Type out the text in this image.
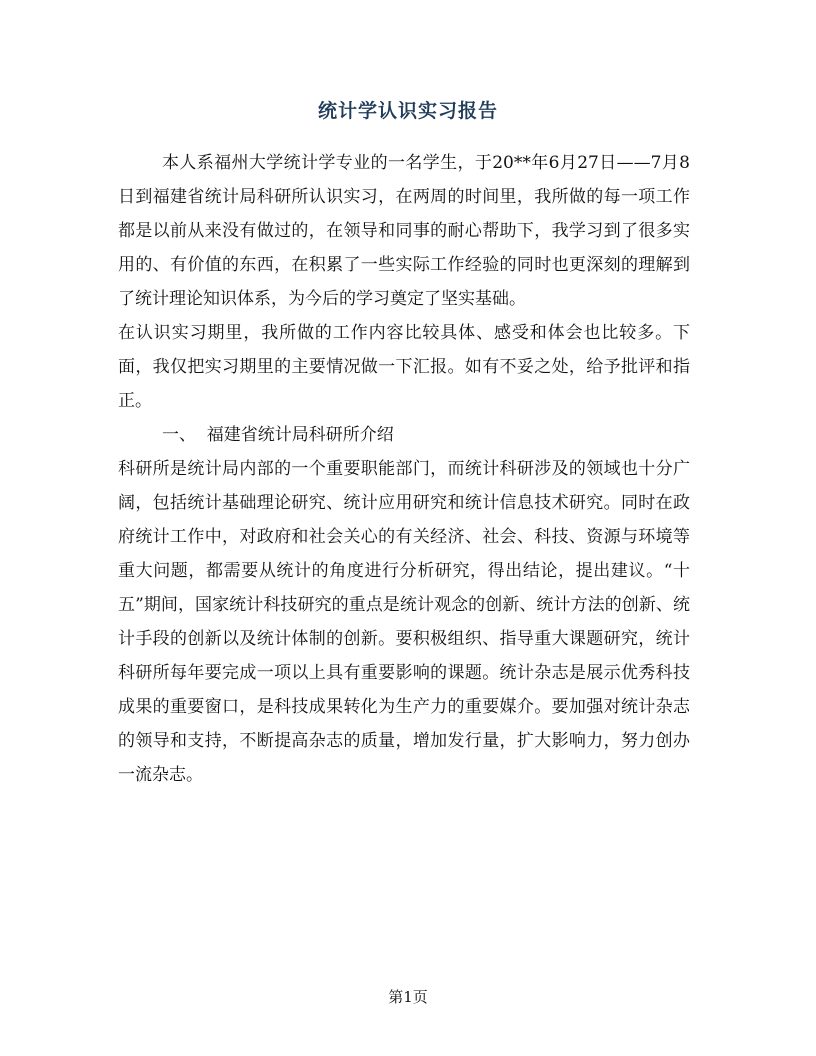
统计学认识实习报告

本人系福州大学统计学专业的一名学生，于20**年6月27日——7月8日到福建省统计局科研所认识实习，在两周的时间里，我所做的每一项工作都是以前从来没有做过的，在领导和同事的耐心帮助下，我学习到了很多实用的、有价值的东西，在积累了一些实际工作经验的同时也更深刻的理解到了统计理论知识体系，为今后的学习奠定了坚实基础。

在认识实习期里，我所做的工作内容比较具体、感受和体会也比较多。下面，我仅把实习期里的主要情况做一下汇报。如有不妥之处，给予批评和指正。

一、  福建省统计局科研所介绍

科研所是统计局内部的一个重要职能部门，而统计科研涉及的领域也十分广阔，包括统计基础理论研究、统计应用研究和统计信息技术研究。同时在政府统计工作中，对政府和社会关心的有关经济、社会、科技、资源与环境等重大问题，都需要从统计的角度进行分析研究，得出结论，提出建议。“十五”期间，国家统计科技研究的重点是统计观念的创新、统计方法的创新、统计手段的创新以及统计体制的创新。要积极组织、指导重大课题研究，统计科研所每年要完成一项以上具有重要影响的课题。统计杂志是展示优秀科技成果的重要窗口，是科技成果转化为生产力的重要媒介。要加强对统计杂志的领导和支持，不断提高杂志的质量，增加发行量，扩大影响力，努力创办一流杂志。

第1页
